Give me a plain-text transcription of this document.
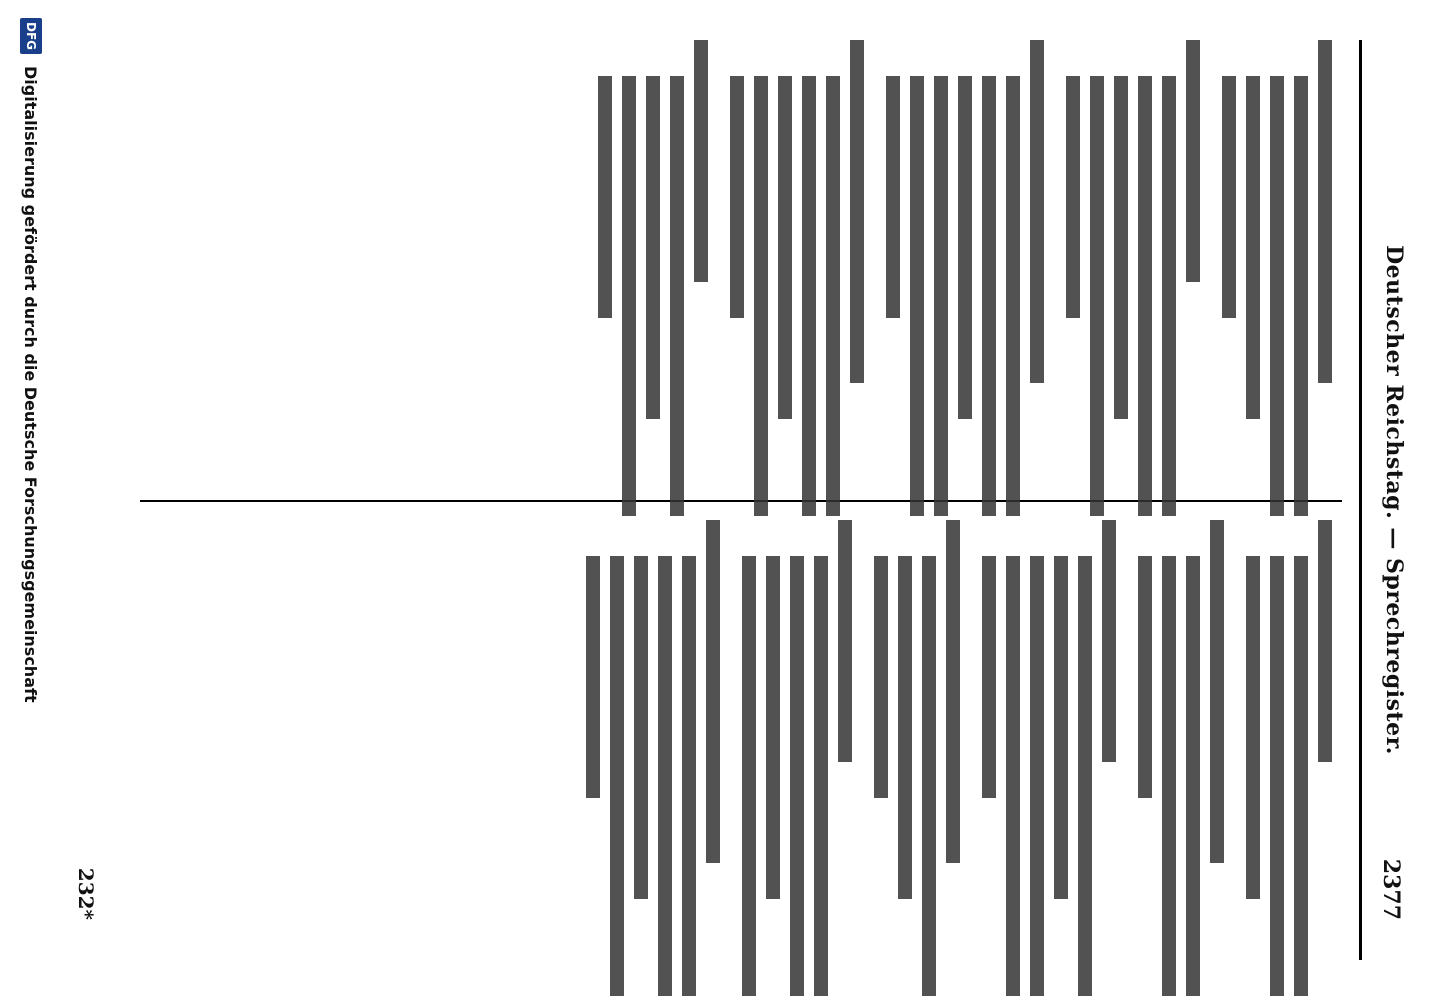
Deutscher Reichstag. — Sprechregister.
2377
232*
DFG
Digitalisierung gefördert durch die Deutsche Forschungsgemeinschaft
